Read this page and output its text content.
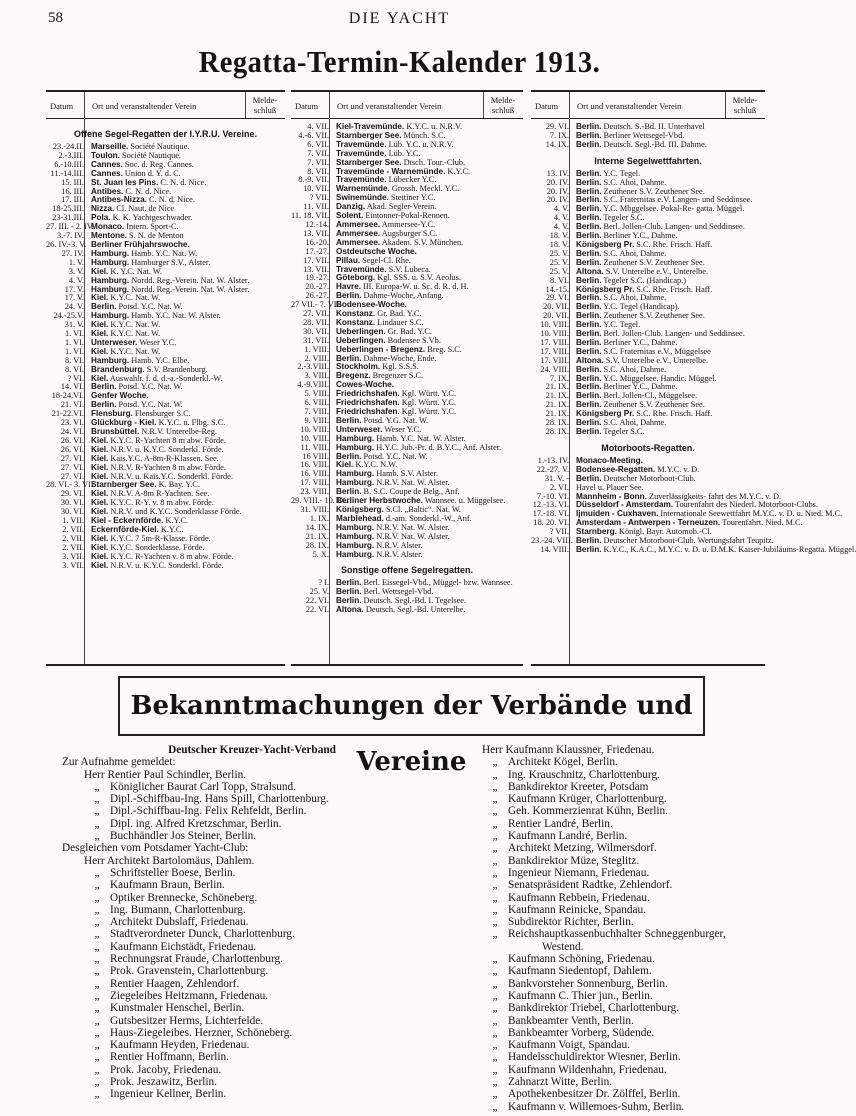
58	DIE YACHT
Regatta-Termin-Kalender 1913.
Datum Ort und veranstaltender Verein
Melde-schluß
Offene Segel-Regatten der I.Y.R.U. Vereine.
23.-24.II. Marseille. Société Nautique.
2.-3.III. Toulon. Société Nautique.
6.-10.III. Cannes. Soc. d. Reg. Cannes.
11.-14.III. Cannes. Union d. Y. d. C.
15. III. St. Juan les Pins. C. N. d. Nice.
16. III. Antibes. C. N. d. Nice.
17. III. Antibes-Nizza. C. N. d. Nice.
18-25.III. Nizza. Cl. Naut. de Nice
23-31.III. Pola. K. K. Yachtgeschwader.
27. III. - 2. IV.
Monaco. Intern. Sport-C.
3.-7. IV. Mentone. S. N. de Menton
26. IV.-3. V. Berliner Frühjahrswoche.
27. IV. Hamburg. Hamb. Y.C. Nat. W.
1. V. Hamburg. Hamburger S.V., Alster.
3. V. Kiel. K. Y.C. Nat. W.
4. V. Hamburg. Nordd. Reg.-Verein. Nat. W. Alster.
17. V. Hamburg. Nordd. Reg.-Verein. Nat. W. Alster.
17. V. Kiel. K.Y.C. Nat. W.
24. V. Berlin. Potsd. Y.C. Nat. W.
24.-25.V. Hamburg. Hamb. Y.C. Nat. W. Alster.
31. V. Kiel. K.Y.C. Nat. W.
1. VI. Kiel. K.Y.C. Nat. W.
1. VI. Unterweser. Weser Y.C.
1. VI. Kiel. K.Y.C. Nat. W.
8. VI. Hamburg. Hamb. Y.C. Elbe.
8. VI. Brandenburg. S.V. Brandenburg.
? VI. Kiel. Auswahlr. f. d. d.-a.-Sonderkl.-W.
14. VI. Berlin. Potsd. Y.C. Nat. W.
18-24.VI. Genfer Woche.
21. VI. Berlin. Potsd. Y.C. Nat. W.
21-22.VI. Flensburg. Flensburger S.C.
23. VI. Glückburg - Kiel. K.Y.C. u. Flbg. S.C.
24. VI. Brunsbüttel. N.R.V. Unterelbe-Reg.
26. VI. Kiel. K.Y.C. R-Yachten 8 m abw. Förde.
26. VI. Kiel. N.R.V. u. K.Y.C. Sonderkl. Förde.
27. VI. Kiel. Kais.Y.C. A-8m-R-Klassen. See.
27. VI. Kiel. N.R.V. R-Yachten 8 m abw. Förde.
27. VI. Kiel. N.R.V. u. Kais.Y.C. Sonderkl. Förde.
28. VI.- 3. VII.
Starnberger See. K. Bay. Y.C.
29. VI. Kiel. N.R.V. A-8m R-Yachten. See.
30. VI. Kiel. K.Y.C. R-Y. v. 8 m abw. Förde.
30. VI. Kiel. N.R.V. und K.Y.C. Sonderklasse Förde.
1. VII. Kiel - Eckernförde. K.Y.C.
2. VII. Eckernförde-Kiel. K.Y.C.
2. VII. Kiel. K.Y.C. 7 5m-R-Klasse. Förde.
2. VII. Kiel. K.Y.C. Sonderklasse. Förde.
3. VII. Kiel. K.Y.C. R-Yachten v. 8 m abw. Förde.
3. VII. Kiel. N.R.V. u. K.Y.C. Sonderkl. Förde.
Datum Ort und veranstaltender Verein
Melde-schluß
4. VII. Kiel-Travemünde. K.Y.C. u. N.R.V.
4.-6. VII. Starnberger See. Münch. S.C.
6. VII. Travemünde. Lüb. Y.C. u. N.R.V.
7. VII. Travemünde. Lüb. Y.C.
7. VII. Starnberger See. Dtsch. Tour.-Club.
8. VII. Travemünde - Warnemünde. K.Y.C.
8.-9. VII. Travemünde. Lübecker Y.C.
10. VII. Warnemünde. Grossh. Meckl. Y.C.
? VII. Swinemünde. Stettiner Y.C.
11. VII. Danzig. Akad. Segler-Verein.
11. 18. VII. Solent. Eintonner-Pokal-Rennen.
12.-14. Ammersee. Ammersee-Y.C.
13. VII. Ammersee. Augsburger S.C.
16.-20. Ammersee. Akadem. S.V. München.
17.-27. Ostdeutsche Woche.
17. VII. Pillau. Segel-Cl. Rhe.
13. VII. Travemünde. S.V. Lubeca.
19.-27. Göteborg. Kgl. SSS. u. S.V. Aeolus.
20.-27. Havre. III. Europa-W. u. Sc. d. R. d. H.
26.-27. Berlin. Dahme-Woche, Anfang.
27 VII.- 7. VII.
Bodensee-Woche.
27. VII. Konstanz. Gr. Bad. Y.C.
28. VII. Konstanz. Lindauer S.C.
30. VII. Ueberlingen. Gr. Bad. Y.C.
31. VII. Ueberlingen. Bodensee S.Vb.
1. VIII. Ueberlingen - Bregenz. Breg. S.C.
2. VIII. Berlin. Dahme-Woche, Ende.
2.-3.VIII. Stockholm. Kgl. S.S.S.
3. VIII. Bregenz. Bregenzer S.C.
4.-9.VIII. Cowes-Woche.
5. VIII. Friedrichshafen. Kgl. Württ. Y.C.
6. VIII. Friedrichshafen. Kgl. Württ. Y.C.
7. VIII. Friedrichshafen. Kgl. Württ. Y.C.
9. VIII. Berlin. Potsd. Y.G. Nat. W.
10. VIII. Unterweser. Weser Y.C.
10. VIII. Hamburg. Hamb. Y.C. Nat. W. Alster.
11. VIII. Hamburg. H.Y.C. Jub.-Pr. d. B.Y.C., Anf. Alster.
16 VIII. Berlin. Potsd. Y.C. Nat. W.
16. VIII. Kiel. K.Y.C. N.W.
16. VIII. Hamburg. Hamb. S.V. Alster.
17. VIII. Hamburg. N.R.V. Nat. W. Alster.
23. VIII. Berlin. B. S.C. Coupe de Belg., Anf.
29. VIII.- 10. IX.
Berliner Herbstwoche. Wannsee. u. Müggelsee.
31. VIII. Königsberg. S.Cl. „Baltic“. Nat. W.
1. IX. Marblehead. d.-am. Sonderkl.-W., Anf.
14. IX. Hamburg. N.R.V. Nat. W. Alster.
21. IX. Hamburg. N.R.V. Nat. W. Alster.
28. IX. Hamburg. N.R.V. Alster.
5. X. Hamburg. N.R.V. Alster.
Sonstige offene Segelregatten.
? I. Berlin. Berl. Eissegel-Vbd., Müggel- bzw. Wannsee.
25. V. Berlin. Berl. Wettsegel-Vbd.
22. VI. Berlin. Deutsch. Segl.-Bd. I. Tegelsee.
22. VI. Altona. Deutsch. Segl.-Bd. Unterelbe.
Datum Ort und veranstaltender Verein
Melde-schluß
29. VI. Berlin. Deutsch. S.-Bd. II. Unterhavel
7. IX. Berlin. Berliner Wettsegel-Vbd.
14. IX. Berlin. Deutsch. Segl.-Bd. III. Dahme.
Interne Segelwettfahrten.
13. IV. Berlin. Y.C. Tegel.
20. IV. Berlin. S.C. Ahoi, Dahme.
20. IV. Berlin. Zeuthener S.V. Zeuthener See.
20. IV. Berlin. S.C. Fraternitas e.V. Langen- und Seddinsee.
4. V. Berlin. Y.C. Mbggelsee. Pokal-Re- gatta. Müggel.
4. V. Berlin. Tegeler S.C.
4. V. Berlin. Berl. Jollen-Club. Langen- und Seddinsee.
18. V. Berlin. Berliner Y.C., Dahme.
18. V. Königsberg Pr. S.C. Rhe. Frisch. Haff.
25. V. Berlin. S.C. Ahoi, Dahme.
25. V. Berlin. Zeuthener S.V. Zeuthener See.
25. V. Altona. S.V. Unterelbe e.V., Unterelbe.
8. VI. Berlin. Tegeler S.C. (Handicap.)
14.-15. Königsberg Pr. S.C. Rhe. Frisch. Haff.
29. VI. Berlin. S.C. Ahoi, Dahme.
20. VII. Berlin. Y.C. Tegel (Handicap).
20. VII. Berlin. Zeuthener S.V. Zeuthener See.
10. VIII. Berlin. Y.C. Tegel.
10. VIII. Berlin. Berl. Jollen-Club. Langen- und Seddinsee.
17. VIII. Berlin. Berliner Y.C., Dahme.
17. VIII. Berlin. S.C. Fraternitas e.V., Müggelsee
17. VIII. Altona. S.V. Unterelbe e.V., Unterelbe.
24. VIII. Berlin. S.C. Ahoi, Dahme.
7. IX. Berlin. Y.C. Müggelsee. Handic. Müggel.
21. IX. Berlin. Berliner Y.C., Dahme.
21. IX. Berlin. Berl. Jollen-Cl., Müggelsee.
21. IX. Berlin. Zeuthener S.V. Zeuthener See.
21. IX. Königsberg Pr. S.C. Rhe. Frisch. Haff.
28. IX. Berlin. S.C. Ahoi, Dahme.
28. IX. Berlin. Tegeler S.C.
Motorboots-Regatten.
1.-13. IV. Monaco-Meeting.
22.-27. V. Bodensee-Regatten. M.Y.C. v. D.
31. V. - Berlin. Deutscher Motorboot-Club.
2. VI. Havel u. Plauer See.
7.-10. VI. Mannheim - Bonn. Zuverlässigkeits- fahrt des M.Y.C. v. D.
12.-13. VI. Düsseldorf - Amsterdam. Tourenfahrt des Niederl. Motorboot-Clubs.
17.-18. VI. Ijmuiden - Cuxhaven. Internationale Seewettfahrt M.Y.C. v. D. u. Nied. M.C.
18. 20. VI. Amsterdam - Antwerpen - Terneuzen. Tourenfahrt. Nied. M.C.
? VII. Starnberg. Königl. Bayr. Automob.-Cl.
23.-24. VIII. Berlin. Deutscher Motorboot-Club. Wertungsfahrt Teupitz.
14. VIII. Berlin. K.Y.C., K.A.C., M.Y.C. v. D. u. D.M.K. Kaiser-Jubiläums-Regatta. Müggel.
Bekanntmachungen der Verbände und Vereine
Deutscher Kreuzer-Yacht-Verband
Zur Aufnahme gemeldet:
Herr Rentier Paul Schindler, Berlin.
„ Königlicher Baurat Carl Topp, Stralsund.
„ Dipl.-Schiffbau-Ing. Hans Spill, Charlottenburg.
„ Dipl.-Schiffbau-Ing. Felix Rehfeldt, Berlin.
„ Dipl. ing. Alfred Kretzschmar, Berlin.
„ Buchhändler Jos Steiner, Berlin.
Desgleichen vom Potsdamer Yacht-Club:
Herr Architekt Bartolomäus, Dahlem.
„ Schriftsteller Boese, Berlin.
„ Kaufmann Braun, Berlin.
„ Optiker Brennecke, Schöneberg.
„ Ing. Bumann, Charlottenburg.
„ Architekt Dubslaff, Friedenau.
„ Stadtverordneter Dunck, Charlottenburg.
„ Kaufmann Eichstädt, Friedenau.
„ Rechnungsrat Fraude, Charlottenburg.
„ Prok. Gravenstein, Charlottenburg.
„ Rentier Haagen, Zehlendorf.
„ Ziegeleibes Heitzmann, Friedenau.
„ Kunstmaler Henschel, Berlin.
„ Gutsbesitzer Herms, Lichterfelde.
„ Haus-Ziegeleibes. Herzner, Schöneberg.
„ Kaufmann Heyden, Friedenau.
„ Rentier Hoffmann, Berlin.
„ Prok. Jacoby, Friedenau.
„ Prok. Jeszawitz, Berlin.
„ Ingenieur Kellner, Berlin.
Herr Kaufmann Klaussner, Friedenau.
„ Architekt Kögel, Berlin.
„ Ing. Krauschnitz, Charlottenburg.
„ Bankdirektor Kreeter, Potsdam
„ Kaufmann Krüger, Charlottenburg.
„ Geh. Kommerzienrat Kühn, Berlin.
„ Rentier Landré, Berlin.
„ Kaufmann Landré, Berlin.
„ Architekt Metzing, Wilmersdorf.
„ Bankdirektor Müze, Steglitz.
„ Ingenieur Niemann, Friedenau.
„ Senatspräsident Radtke, Zehlendorf.
„ Kaufmann Rebbein, Friedenau.
„ Kaufmann Reinicke, Spandau.
„ Subdirektor Richter, Berlin.
„ Reichshauptkassenbuchhalter Schneggenburger,
Westend.
„ Kaufmann Schöning, Friedenau.
„ Kaufmann Siedentopf, Dahlem.
„ Bankvorsteher Sonnenburg, Berlin.
„ Kaufmann C. Thier jun., Berlin.
„ Bankdirektor Triebel, Charlottenburg.
„ Bankbeamter Venth, Berlin.
„ Bankbeamter Vorberg, Südende.
„ Kaufmann Voigt, Spandau.
„ Handelsschuldirektor Wiesner, Berlin.
„ Kaufmann Wildenhahn, Friedenau.
„ Zahnarzt Witte, Berlin.
„ Apothekenbesitzer Dr. Zölffel, Berlin.
„ Kaufmann v. Willemoes-Suhm, Berlin.
